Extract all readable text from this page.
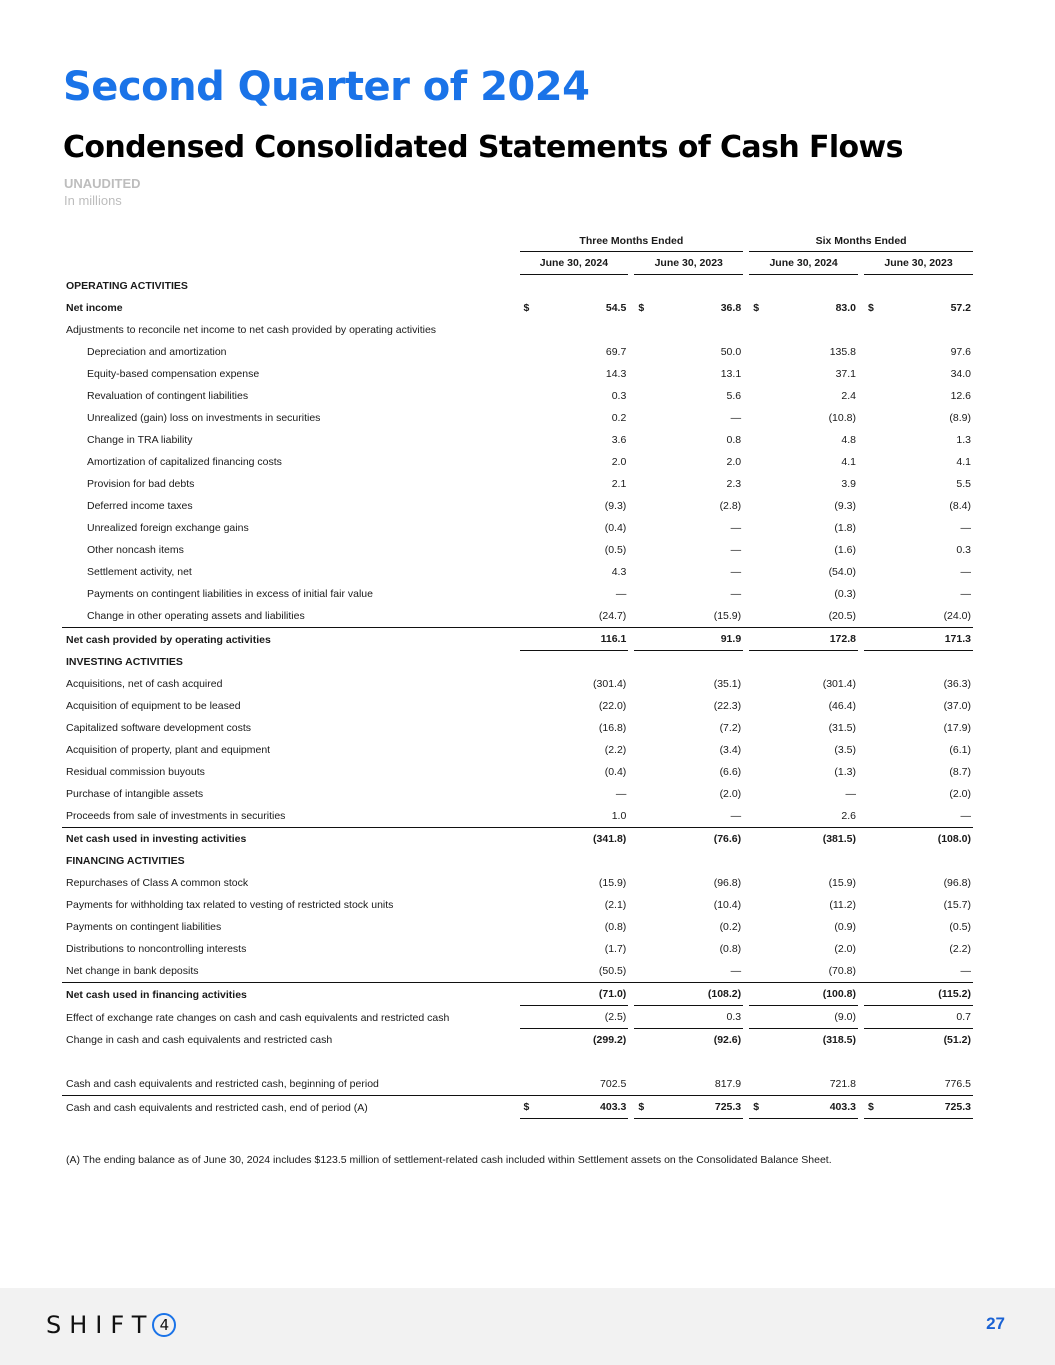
Second Quarter of 2024
Condensed Consolidated Statements of Cash Flows
UNAUDITED
In millions
		Three Months Ended						Six Months Ended				
		June 30, 2024			June 30, 2023			June 30, 2024			June 30, 2023	
OPERATING ACTIVITIES												
Net income		$	54.5		$	36.8		$	83.0		$	57.2
Adjustments to reconcile net income to net cash provided by operating activities												
Depreciation and amortization			69.7			50.0			135.8			97.6
Equity-based compensation expense			14.3			13.1			37.1			34.0
Revaluation of contingent liabilities			0.3			5.6			2.4			12.6
Unrealized (gain) loss on investments in securities			0.2			—			(10.8)			(8.9)
Change in TRA liability			3.6			0.8			4.8			1.3
Amortization of capitalized financing costs			2.0			2.0			4.1			4.1
Provision for bad debts			2.1			2.3			3.9			5.5
Deferred income taxes			(9.3)			(2.8)			(9.3)			(8.4)
Unrealized foreign exchange gains			(0.4)			—			(1.8)			—
Other noncash items			(0.5)			—			(1.6)			0.3
Settlement activity, net			4.3			—			(54.0)			—
Payments on contingent liabilities in excess of initial fair value			—			—			(0.3)			—
Change in other operating assets and liabilities			(24.7)			(15.9)			(20.5)			(24.0)
Net cash provided by operating activities			116.1			91.9			172.8			171.3
INVESTING ACTIVITIES												
Acquisitions, net of cash acquired			(301.4)			(35.1)			(301.4)			(36.3)
Acquisition of equipment to be leased			(22.0)			(22.3)			(46.4)			(37.0)
Capitalized software development costs			(16.8)			(7.2)			(31.5)			(17.9)
Acquisition of property, plant and equipment			(2.2)			(3.4)			(3.5)			(6.1)
Residual commission buyouts			(0.4)			(6.6)			(1.3)			(8.7)
Purchase of intangible assets			—			(2.0)			—			(2.0)
Proceeds from sale of investments in securities			1.0			—			2.6			—
Net cash used in investing activities			(341.8)			(76.6)			(381.5)			(108.0)
FINANCING ACTIVITIES												
Repurchases of Class A common stock			(15.9)			(96.8)			(15.9)			(96.8)
Payments for withholding tax related to vesting of restricted stock units			(2.1)			(10.4)			(11.2)			(15.7)
Payments on contingent liabilities			(0.8)			(0.2)			(0.9)			(0.5)
Distributions to noncontrolling interests			(1.7)			(0.8)			(2.0)			(2.2)
Net change in bank deposits			(50.5)			—			(70.8)			—
Net cash used in financing activities			(71.0)			(108.2)			(100.8)			(115.2)
Effect of exchange rate changes on cash and cash equivalents and restricted cash			(2.5)			0.3			(9.0)			0.7
Change in cash and cash equivalents and restricted cash			(299.2)			(92.6)			(318.5)			(51.2)

Cash and cash equivalents and restricted cash, beginning of period			702.5			817.9			721.8			776.5
Cash and cash equivalents and restricted cash, end of period (A)		$	403.3		$	725.3		$	403.3		$	725.3
(A) The ending balance as of June 30, 2024 includes $123.5 million of settlement-related cash included within Settlement assets on the Consolidated Balance Sheet.
SHIFT 4	27
